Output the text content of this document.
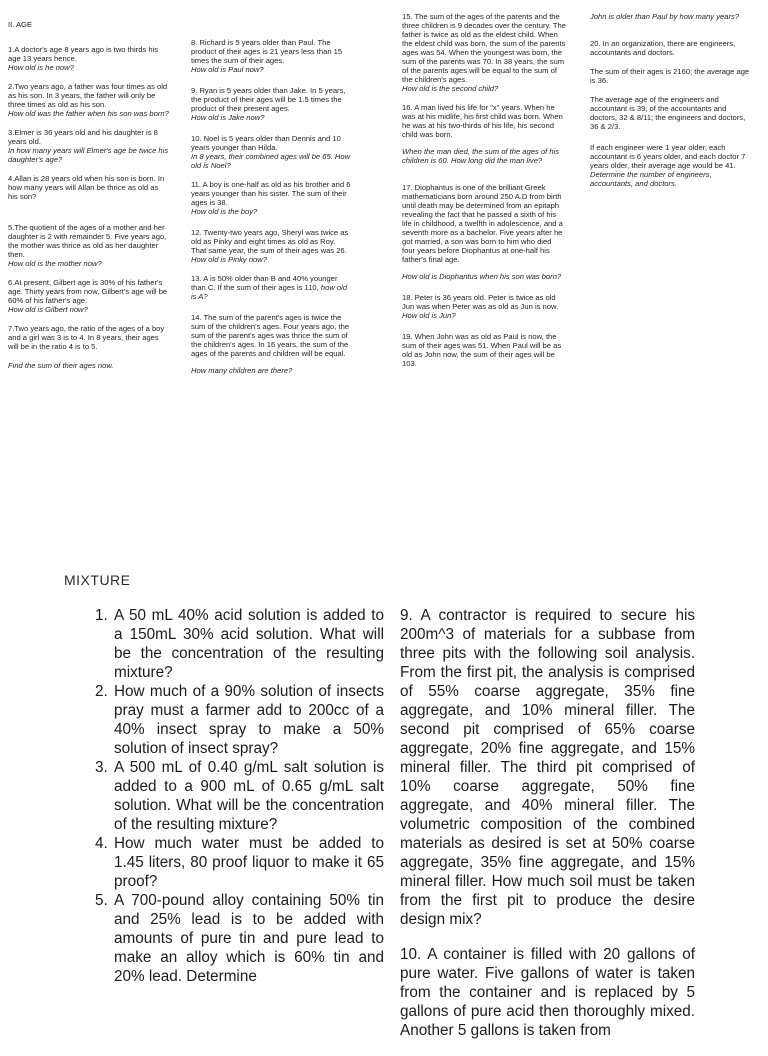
II. AGE

1.A doctor's age 8 years ago is two thirds his age 13 years hence.
How old is he now?

2.Two years ago, a father was four times as old as his son. In 3 years, the father will only be three times as old as his son.
How old was the father when his son was born?

3.Elmer is 36 years old and his daughter is 8 years old.
In how many years will Elmer's age be twice his daughter's age?

4.Allan is 28 years old when his son is born. In how many years will Allan be thrice as old as his son?

5.The quotient of the ages of a mother and her daughter is 2 with remainder 5. Five years ago, the mother was thrice as old as her daughter then.
How old is the mother now?

6.At present, Gilbert age is 30% of his father's age. Thirty years from now, Gilbert's age will be 60% of his father's age.
How old is Gilbert now?

7.Two years ago, the ratio of the ages of a boy and a girl was 3 is to 4. In 8 years, their ages will be in the ratio 4 is to 5.

Find the sum of their ages now.

8. Richard is 5 years older than Paul. The product of their ages is 21 years less than 15 times the sum of their ages.
How old is Paul now?

9. Ryan is 5 years older than Jake. In 5 years, the product of their ages will be 1.5 times the product of their present ages.
How old is Jake now?

10. Noel is 5 years older than Dennis and 10 years younger than Hilda.
In 8 years, their combined ages will be 65. How old is Noel?

11. A boy is one-half as old as his brother and 6 years younger than his sister. The sum of their ages is 38.
How old is the boy?

12. Twenty-two years ago, Sheryl was twice as old as Pinky and eight times as old as Roy. That same year, the sum of their ages was 26.
How old is Pinky now?

13. A is 50% older than B and 40% younger than C. If the sum of their ages is 110, how old is A?

14. The sum of the parent's ages is twice the sum of the children's ages. Four years ago, the sum of the parent's ages was thrice the sum of the children's ages. In 16 years, the sum of the ages of the parents and children will be equal.

How many children are there?

15. The sum of the ages of the parents and the three children is 9 decades over the century. The father is twice as old as the eldest child. When the eldest child was born, the sum of the parents ages was 54. When the youngest was born, the sum of the parents was 70. In 38 years, the sum of the parents ages will be equal to the sum of the children's ages.
How old is the second child?

16. A man lived his life for "x" years. When he was at his midlife, his first child was born. When he was at his two-thirds of his life, his second child was born.

When the man died, the sum of the ages of his children is 60. How long did the man live?

17. Diophantus is one of the brilliant Greek mathematicians born around 250 A.D from birth until death may be determined from an epitaph revealing the fact that he passed a sixth of his life in childhood, a twelfth in adolescence, and a seventh more as a bachelor. Five years after he got married, a son was born to him who died four years before Diophantus at one-half his father's final age.

How old is Diophantus when his son was born?

18. Peter is 36 years old. Peter is twice as old Jun was when Peter was as old as Jun is now. How old is Jun?

19. When John was as old as Paul is now, the sum of their ages was 51. When Paul will be as old as John now, the sum of their ages will be 103.

John is older than Paul by how many years?

20. In an organization, there are engineers, accountants and doctors.

The sum of their ages is 2160; the average age is 36.

The average age of the engineers and accountant is 39; of the accountants and doctors, 32 & 8/11; the engineers and doctors, 36 & 2/3.

If each engineer were 1 year older, each accountant is 6 years older, and each doctor 7 years older, their average age would be 41.
Determine the number of engineers, accountants, and doctors.

MIXTURE
1. A 50 mL 40% acid solution is added to a 150mL 30% acid solution. What will be the concentration of the resulting mixture?
2. How much of a 90% solution of insects pray must a farmer add to 200cc of a 40% insect spray to make a 50% solution of insect spray?
3. A 500 mL of 0.40 g/mL salt solution is added to a 900 mL of 0.65 g/mL salt solution. What will be the concentration of the resulting mixture?
4. How much water must be added to 1.45 liters, 80 proof liquor to make it 65 proof?
5. A 700-pound alloy containing 50% tin and 25% lead is to be added with amounts of pure tin and pure lead to make an alloy which is 60% tin and 20% lead. Determine

9. A contractor is required to secure his 200m^3 of materials for a subbase from three pits with the following soil analysis. From the first pit, the analysis is comprised of 55% coarse aggregate, 35% fine aggregate, and 10% mineral filler. The second pit comprised of 65% coarse aggregate, 20% fine aggregate, and 15% mineral filler. The third pit comprised of 10% coarse aggregate, 50% fine aggregate, and 40% mineral filler. The volumetric composition of the combined materials as desired is set at 50% coarse aggregate, 35% fine aggregate, and 15% mineral filler. How much soil must be taken from the first pit to produce the desire design mix?

10. A container is filled with 20 gallons of pure water. Five gallons of water is taken from the container and is replaced by 5 gallons of pure acid then thoroughly mixed. Another 5 gallons is taken from
